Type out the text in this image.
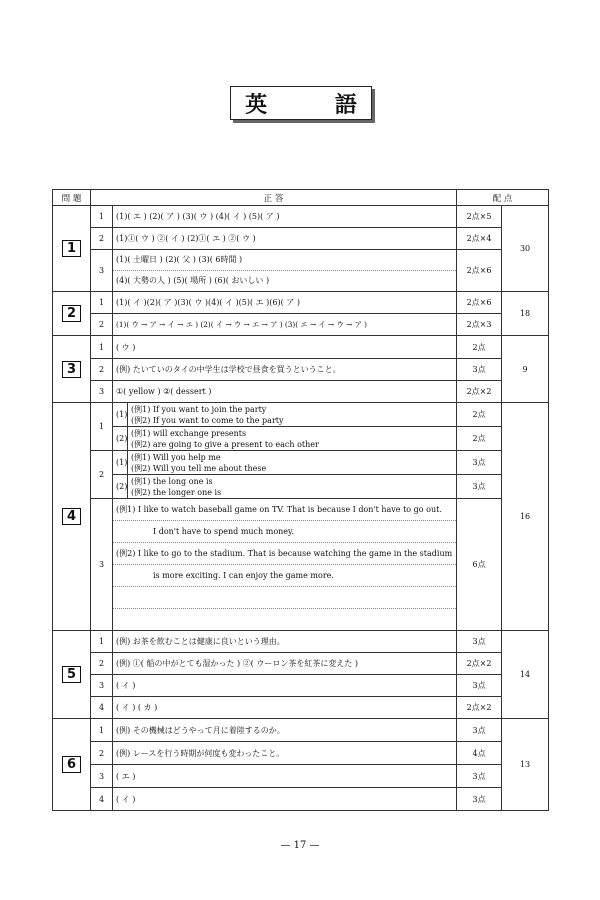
英 語
問 題	正 答			配 点	
1	1	(1)( エ ) (2)( ア ) (3)( ウ ) (4)( イ ) (5)( ア )		2点×5	30
	2	(1)①( ウ ) ②( イ ) (2)①( エ ) ②( ウ )		2点×4	
	3	(1)( 土曜日 ) (2)( 父 ) (3)( 6時間 )
(4)( 大勢の人 ) (5)( 場所 ) (6)( おいしい )		2点×6	
2	1	(1)( イ )(2)( ア )(3)( ウ )(4)( イ )(5)( エ )(6)( ア )		2点×6	18
	2	(1)( ウ → ア → イ → エ ) (2)( イ → ウ → エ → ア ) (3)( エ → イ → ウ → ア )		2点×3	
3	1	( ウ )		2点	9
	2	(例) たいていのタイの中学生は学校で昼食を買うということ。		3点	
	3	①( yellow ) ②( dessert )		2点×2	
4	1	(1)	(例1) If you want to join the party
(例2) If you want to come to the party	2点	16
		(2)	(例1) will exchange presents
(例2) are going to give a present to each other	2点	
	2	(1)	(例1) Will you help me
(例2) Will you tell me about these	3点	
		(2)	(例1) the long one is
(例2) the longer one is	3点	
	3	(例1) I like to watch baseball game on TV. That is because I don't have to go out.
I don't have to spend much money.
(例2) I like to go to the stadium. That is because watching the game in the stadium
is more exciting. I can enjoy the game more.		6点	
5	1	(例) お茶を飲むことは健康に良いという理由。		3点	14
	2	(例) ①( 船の中がとても湿かった ) ②( ウーロン茶を紅茶に変えた )		2点×2	
	3	( イ )		3点	
	4	( イ ) ( カ )		2点×2	
6	1	(例) その機械はどうやって月に着陸するのか。		3点	13
	2	(例) レースを行う時期が何度も変わったこと。		4点	
	3	( エ )		3点	
	4	( イ )		3点	
— 17 —
